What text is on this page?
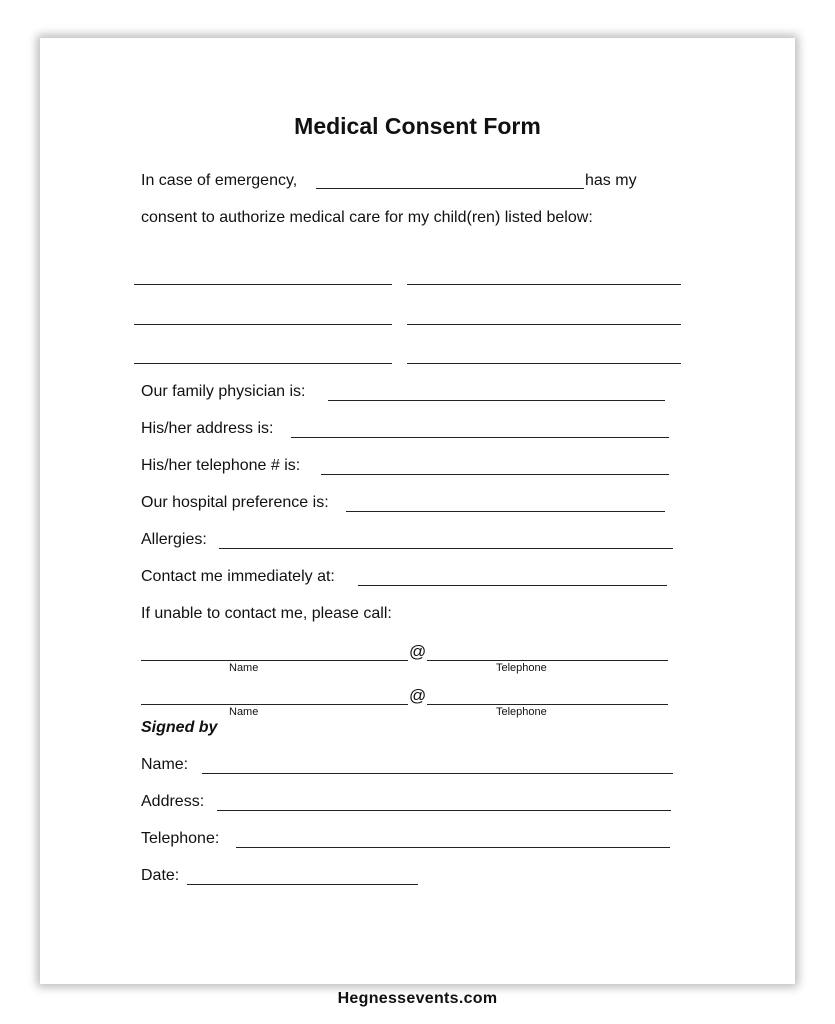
Medical Consent Form
In case of emergency,	has my
consent to authorize medical care for my child(ren) listed below:
Our family physician is:
His/her address is:
His/her telephone # is:
Our hospital preference is:
Allergies:
Contact me immediately at:
If unable to contact me, please call:
@
Name	Telephone
@
Name	Telephone
Signed by
Name:
Address:
Telephone:
Date:
Hegnessevents.com
